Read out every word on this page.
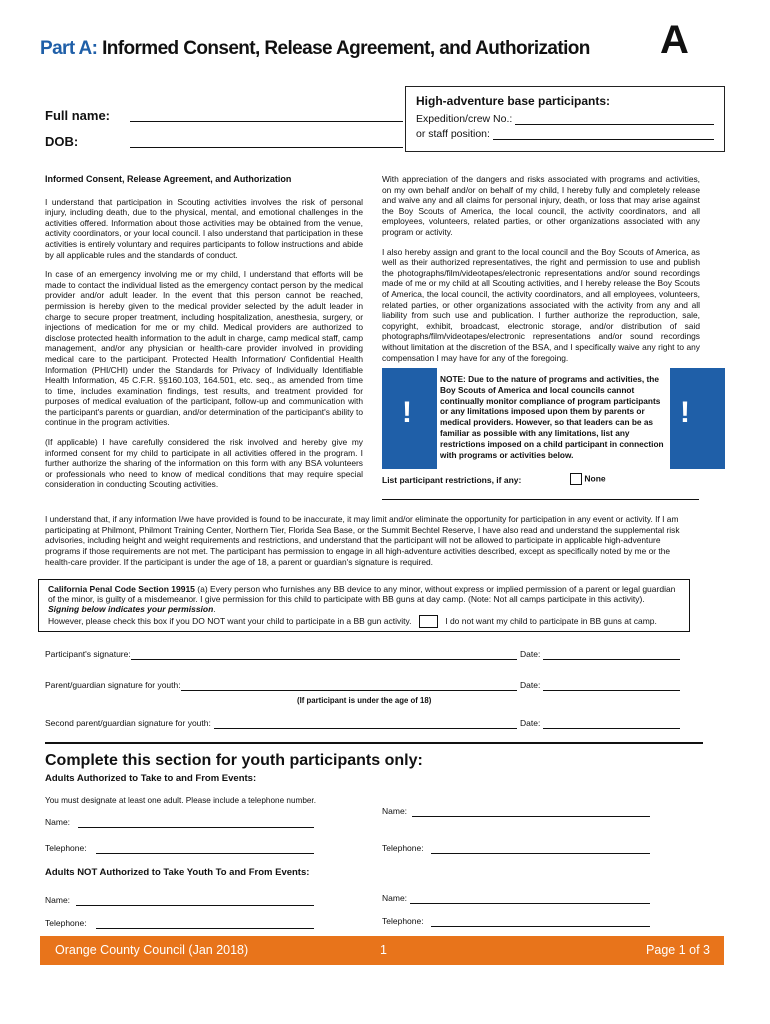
Part A: Informed Consent, Release Agreement, and Authorization A
Full name:
DOB:
High-adventure base participants:
Expedition/crew No.:
or staff position:
Informed Consent, Release Agreement, and Authorization

I understand that participation in Scouting activities involves the risk of personal injury, including death, due to the physical, mental, and emotional challenges in the activities offered. Information about those activities may be obtained from the venue, activity coordinators, or your local council. I also understand that participation in these activities is entirely voluntary and requires participants to follow instructions and abide by all applicable rules and the standards of conduct.

In case of an emergency involving me or my child, I understand that efforts will be made to contact the individual listed as the emergency contact person by the medical provider and/or adult leader. In the event that this person cannot be reached, permission is hereby given to the medical provider selected by the adult leader in charge to secure proper treatment, including hospitalization, anesthesia, surgery, or injections of medication for me or my child. Medical providers are authorized to disclose protected health information to the adult in charge, camp medical staff, camp management, and/or any physician or health-care provider involved in providing medical care to the participant. Protected Health Information/ Confidential Health Information (PHI/CHI) under the Standards for Privacy of Individually Identifiable Health Information, 45 C.F.R. §§160.103, 164.501, etc. seq., as amended from time to time, includes examination findings, test results, and treatment provided for purposes of medical evaluation of the participant, follow-up and communication with the participant's parents or guardian, and/or determination of the participant's ability to continue in the program activities.

(If applicable) I have carefully considered the risk involved and hereby give my informed consent for my child to participate in all activities offered in the program. I further authorize the sharing of the information on this form with any BSA volunteers or professionals who need to know of medical conditions that may require special consideration in conducting Scouting activities.

With appreciation of the dangers and risks associated with programs and activities, on my own behalf and/or on behalf of my child, I hereby fully and completely release and waive any and all claims for personal injury, death, or loss that may arise against the Boy Scouts of America, the local council, the activity coordinators, and all employees, volunteers, related parties, or other organizations associated with any program or activity.

I also hereby assign and grant to the local council and the Boy Scouts of America, as well as their authorized representatives, the right and permission to use and publish the photographs/film/videotapes/electronic representations and/or sound recordings made of me or my child at all Scouting activities, and I hereby release the Boy Scouts of America, the local council, the activity coordinators, and all employees, volunteers, related parties, or other organizations associated with the activity from any and all liability from such use and publication. I further authorize the reproduction, sale, copyright, exhibit, broadcast, electronic storage, and/or distribution of said photographs/film/videotapes/electronic representations and/or sound recordings without limitation at the discretion of the BSA, and I specifically waive any right to any compensation I may have for any of the foregoing.

!
NOTE: Due to the nature of programs and activities, the Boy Scouts of America and local councils cannot continually monitor compliance of program participants or any limitations imposed upon them by parents or medical providers. However, so that leaders can be as familiar as possible with any limitations, list any restrictions imposed on a child participant in connection with programs or activities below.
!
List participant restrictions, if any:	None
I understand that, if any information I/we have provided is found to be inaccurate, it may limit and/or eliminate the opportunity for participation in any event or activity. If I am participating at Philmont, Philmont Training Center, Northern Tier, Florida Sea Base, or the Summit Bechtel Reserve, I have also read and understand the supplemental risk advisories, including height and weight requirements and restrictions, and understand that the participant will not be allowed to participate in applicable high-adventure programs if those requirements are not met. The participant has permission to engage in all high-adventure activities described, except as specifically noted by me or the health-care provider. If the participant is under the age of 18, a parent or guardian's signature is required.
California Penal Code Section 19915 (a) Every person who furnishes any BB device to any minor, without express or implied permission of a parent or legal guardian of the minor, is guilty of a misdemeanor. I give permission for this child to participate with BB guns at day camp. (Note: Not all camps participate in this activity).
Signing below indicates your permission.
However, please check this box if you DO NOT want your child to participate in a BB gun activity.	I do not want my child to participate in BB guns at camp.
Participant's signature:	Date:
Parent/guardian signature for youth:	Date:
(If participant is under the age of 18)
Second parent/guardian signature for youth:	Date:
Complete this section for youth participants only:
Adults Authorized to Take to and From Events:
You must designate at least one adult. Please include a telephone number.
Name:
Name:
Telephone:	Telephone:
Adults NOT Authorized to Take Youth To and From Events:
Name:	Name:
Telephone:	Telephone:
Orange County Council (Jan 2018)	1	Page 1 of 3
